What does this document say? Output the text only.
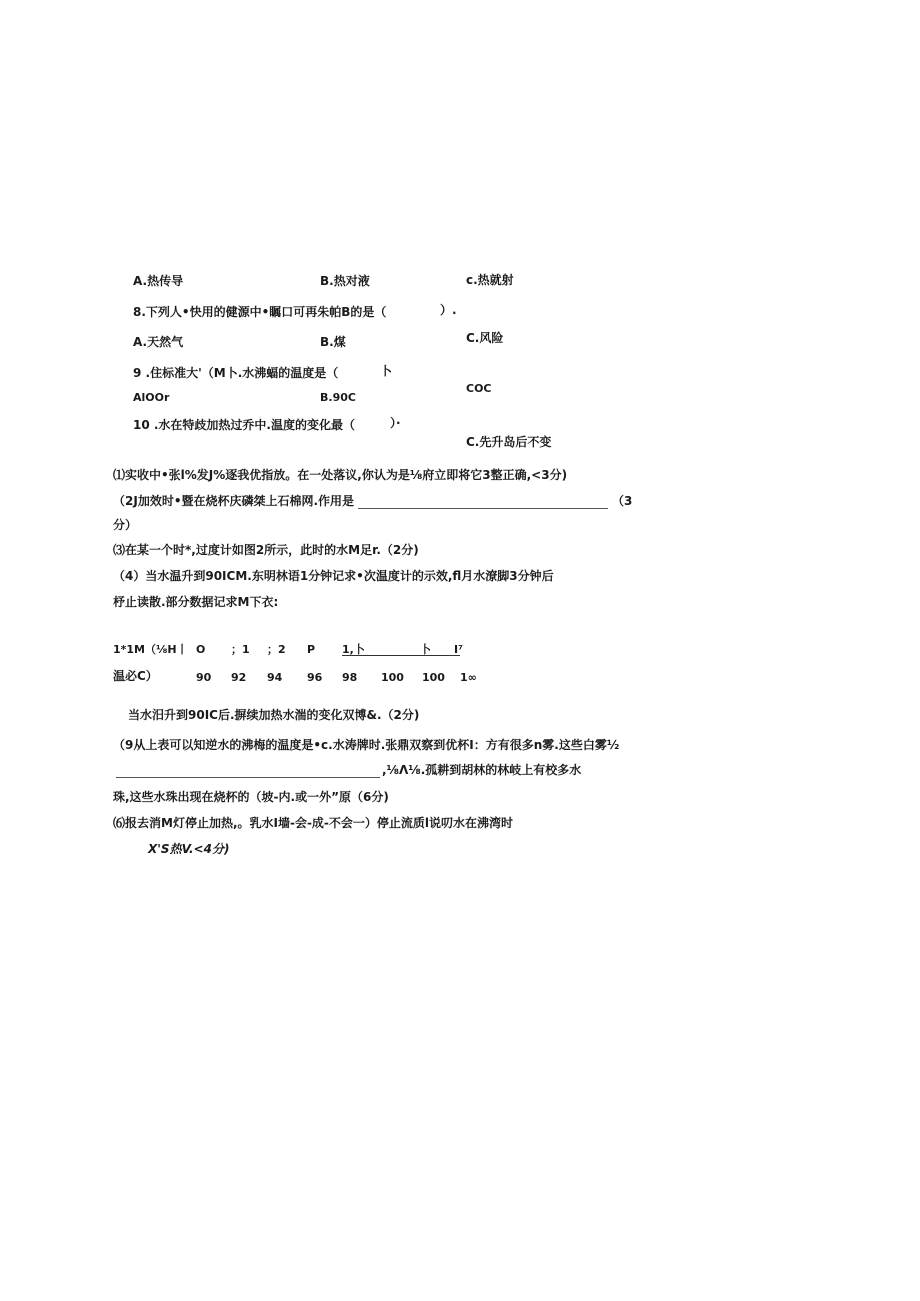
A.热传导	B.热对液	c.热就射
8.下列人•快用的健源中•瞩口可再朱帕B的是（	）.
A.天然气	B.煤	C.风险
9 .住标准大'（M卜.水沸蝠的温度是（	卜
AlOOr	B.90C
COC
10 .水在特歧加热过乔中.温度的变化最（	）·
C.先升岛后不变
⑴实收中•张l%发J%逐我优指放。在一处落议,你认为是⅛府立即将它3整正确,<3分)
（2J加效时•暨在烧杯庆磷桀上石棉网.作用是	（3
分）
⑶在某一个时*,过度计如图2所示，此时的水M足r.（2分)
（4）当水温升到90ICM.东明林语1分钟记求•次温度计的示效,fl月水潦脚3分钟后
杼止读散.部分数据记求M下衣:
1*1M（⅛H丨 O ；1 ；2 P 1,卜	卜 I⁷
温必C）	90 92 94 96 98 100 100 1∞
当水汨升到90IC后.摒续加热水湍的变化双博&.（2分)
（9从上表可以知逆水的沸梅的温度是•c.水涛牌时.张鼎双察到优杯I：方有很多n雾.这些白雾½
,⅛Λ⅛.孤耕到胡林的林岐上有校多水
珠,这些水珠出现在烧杯的（坡-内.或一外”原（6分)
⑹报去消M灯停止加热,。乳水I墙-会-成-不会一）停止流质l说叨水在沸湾时
X'S热V.<4分)
